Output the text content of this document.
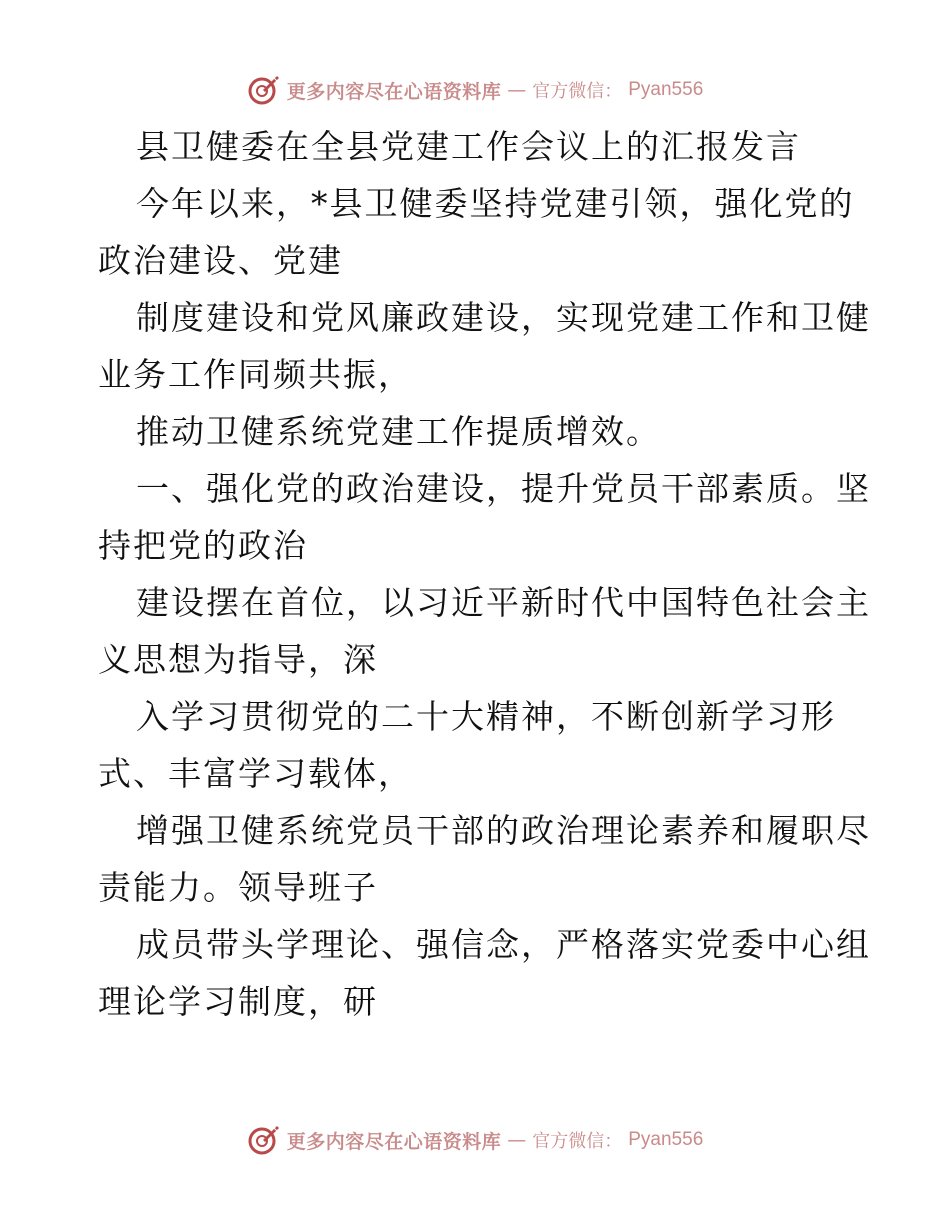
更多内容尽在心语资料库 — 官方微信： Pyan556
县卫健委在全县党建工作会议上的汇报发言
今年以来，*县卫健委坚持党建引领，强化党的
政治建设、党建
制度建设和党风廉政建设，实现党建工作和卫健
业务工作同频共振，
推动卫健系统党建工作提质增效。
一、强化党的政治建设，提升党员干部素质。坚
持把党的政治
建设摆在首位，以习近平新时代中国特色社会主
义思想为指导，深
入学习贯彻党的二十大精神，不断创新学习形
式、丰富学习载体，
增强卫健系统党员干部的政治理论素养和履职尽
责能力。领导班子
成员带头学理论、强信念，严格落实党委中心组
理论学习制度，研
更多内容尽在心语资料库 — 官方微信： Pyan556
